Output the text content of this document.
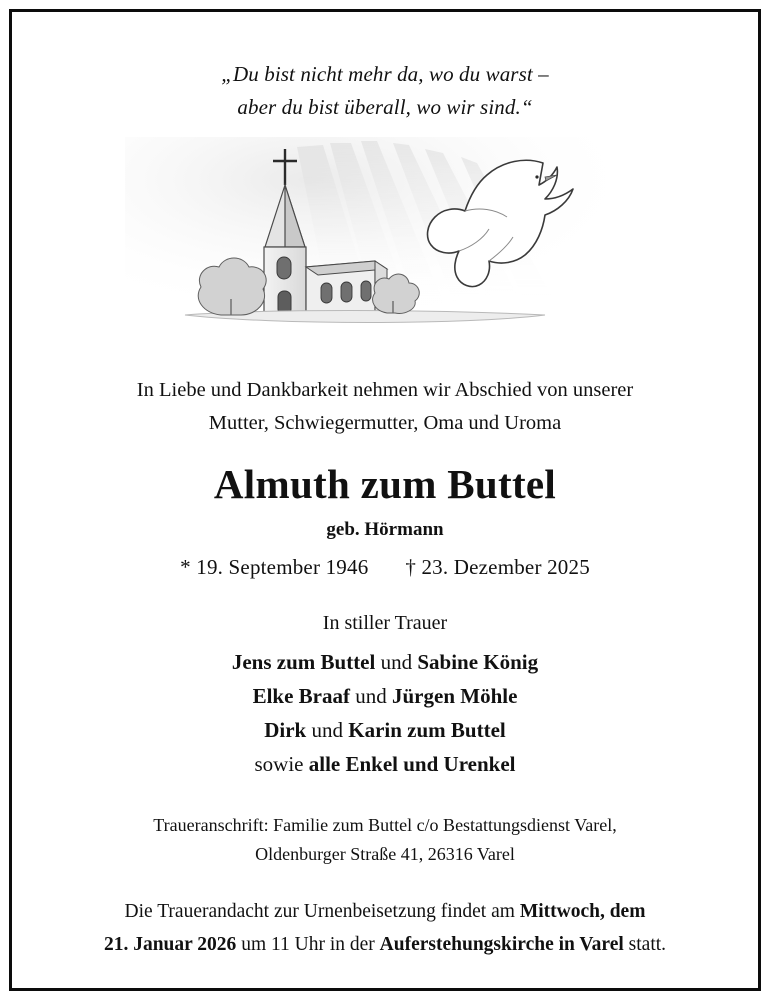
„Du bist nicht mehr da, wo du warst –
aber du bist überall, wo wir sind.“
In Liebe und Dankbarkeit nehmen wir Abschied von unserer
Mutter, Schwiegermutter, Oma und Uroma
Almuth zum Buttel
geb. Hörmann
* 19. September 1946 † 23. Dezember 2025
In stiller Trauer
Jens zum Buttel und Sabine König
Elke Braaf und Jürgen Möhle
Dirk und Karin zum Buttel
sowie alle Enkel und Urenkel
Traueranschrift: Familie zum Buttel c/o Bestattungsdienst Varel,
Oldenburger Straße 41, 26316 Varel
Die Trauerandacht zur Urnenbeisetzung findet am Mittwoch, dem
21. Januar 2026 um 11 Uhr in der Auferstehungskirche in Varel statt.
